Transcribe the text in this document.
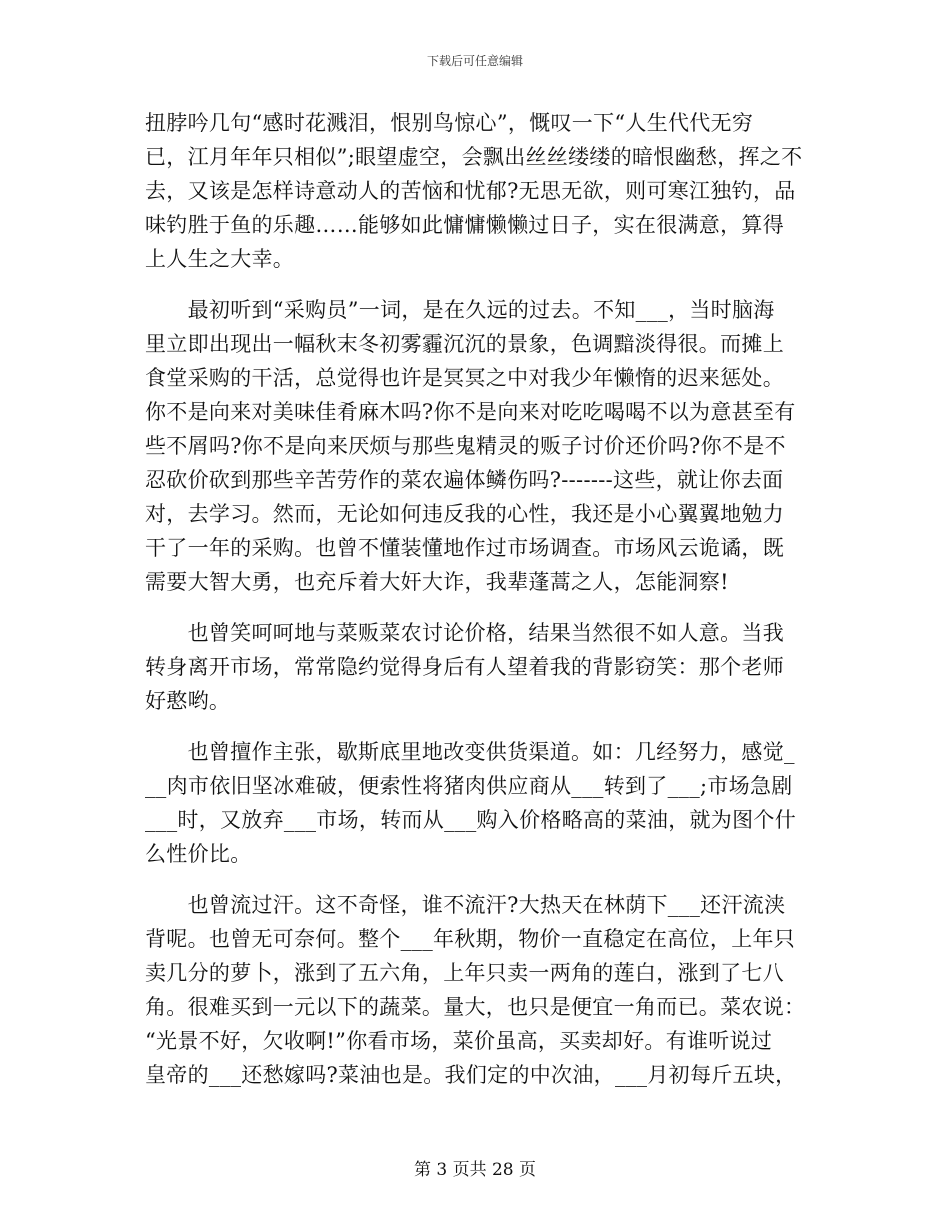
下载后可任意编辑
扭脖吟几句“感时花溅泪，恨别鸟惊心”，慨叹一下“人生代代无穷
已，江月年年只相似”;眼望虚空，会飘出丝丝缕缕的暗恨幽愁，挥之不
去，又该是怎样诗意动人的苦恼和忧郁?无思无欲，则可寒江独钓，品
味钓胜于鱼的乐趣……能够如此慵慵懒懒过日子，实在很满意，算得
上人生之大幸。
　　最初听到“采购员”一词，是在久远的过去。不知___，当时脑海
里立即出现出一幅秋末冬初雾霾沉沉的景象，色调黯淡得很。而摊上
食堂采购的干活，总觉得也许是冥冥之中对我少年懒惰的迟来惩处。
你不是向来对美味佳肴麻木吗?你不是向来对吃吃喝喝不以为意甚至有
些不屑吗?你不是向来厌烦与那些鬼精灵的贩子讨价还价吗?你不是不
忍砍价砍到那些辛苦劳作的菜农遍体鳞伤吗?-------这些，就让你去面
对，去学习。然而，无论如何违反我的心性，我还是小心翼翼地勉力
干了一年的采购。也曾不懂装懂地作过市场调查。市场风云诡谲，既
需要大智大勇，也充斥着大奸大诈，我辈蓬蒿之人，怎能洞察!
　　也曾笑呵呵地与菜贩菜农讨论价格，结果当然很不如人意。当我
转身离开市场，常常隐约觉得身后有人望着我的背影窃笑：那个老师
好憨哟。
　　也曾擅作主张，歇斯底里地改变供货渠道。如：几经努力，感觉_
__肉市依旧坚冰难破，便索性将猪肉供应商从___转到了___;市场急剧
___时，又放弃___市场，转而从___购入价格略高的菜油，就为图个什
么性价比。
　　也曾流过汗。这不奇怪，谁不流汗?大热天在林荫下___还汗流浃
背呢。也曾无可奈何。整个___年秋期，物价一直稳定在高位，上年只
卖几分的萝卜，涨到了五六角，上年只卖一两角的莲白，涨到了七八
角。很难买到一元以下的蔬菜。量大，也只是便宜一角而已。菜农说：
“光景不好，欠收啊!”你看市场，菜价虽高，买卖却好。有谁听说过
皇帝的___还愁嫁吗?菜油也是。我们定的中次油，___月初每斤五块，
第 3 页共 28 页
